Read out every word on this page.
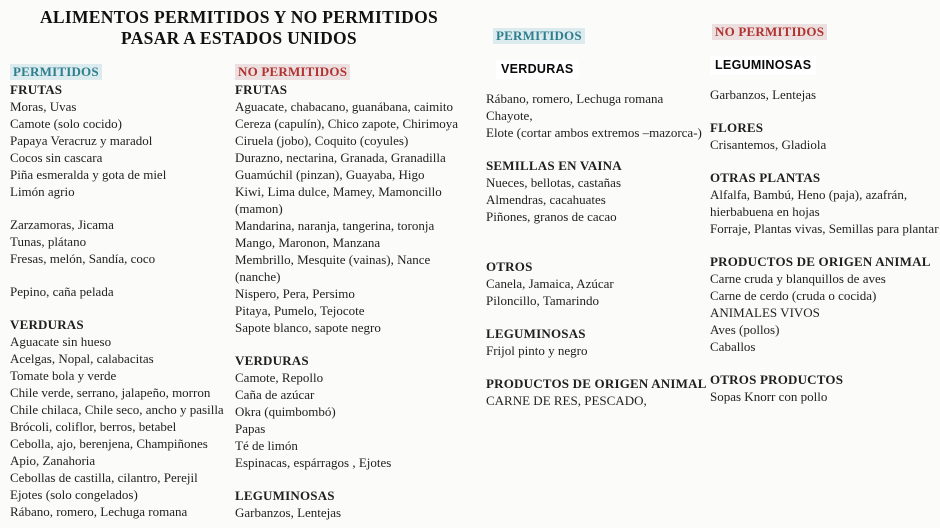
ALIMENTOS PERMITIDOS Y NO PERMITIDOS
PASAR A ESTADOS UNIDOS
PERMITIDOS
FRUTAS
Moras, Uvas
Camote (solo cocido)
Papaya Veracruz y maradol
Cocos sin cascara
Piña esmeralda y gota de miel
Limón agrio
Zarzamoras, Jicama
Tunas, plátano
Fresas, melón, Sandía, coco
Pepino, caña pelada
VERDURAS
Aguacate sin hueso
Acelgas, Nopal, calabacitas
Tomate bola y verde
Chile verde, serrano, jalapeño, morron
Chile chilaca, Chile seco, ancho y pasilla
Brócoli, coliflor, berros, betabel
Cebolla, ajo, berenjena, Champiñones
Apio, Zanahoria
Cebollas de castilla, cilantro, Perejil
Ejotes (solo congelados)
Rábano, romero, Lechuga romana
NO PERMITIDOS
FRUTAS
Aguacate, chabacano, guanábana, caimito
Cereza (capulín), Chico zapote, Chirimoya
Ciruela (jobo), Coquito (coyules)
Durazno, nectarina, Granada, Granadilla
Guamúchil (pinzan), Guayaba, Higo
Kiwi, Lima dulce, Mamey, Mamoncillo
(mamon)
Mandarina, naranja, tangerina, toronja
Mango, Maronon, Manzana
Membrillo, Mesquite (vainas), Nance
(nanche)
Nispero, Pera, Persimo
Pitaya, Pumelo, Tejocote
Sapote blanco, sapote negro
VERDURAS
Camote, Repollo
Caña de azúcar
Okra (quimbombó)
Papas
Té de limón
Espinacas, espárragos , Ejotes
LEGUMINOSAS
Garbanzos, Lentejas
PERMITIDOS
VERDURAS
Rábano, romero, Lechuga romana
Chayote,
Elote (cortar ambos extremos –mazorca-)
SEMILLAS EN VAINA
Nueces, bellotas, castañas
Almendras, cacahuates
Piñones, granos de cacao
OTROS
Canela, Jamaica, Azúcar
Piloncillo, Tamarindo
LEGUMINOSAS
Frijol pinto y negro
PRODUCTOS DE ORIGEN ANIMAL
CARNE DE RES, PESCADO,
NO PERMITIDOS
LEGUMINOSAS
Garbanzos, Lentejas
FLORES
Crisantemos, Gladiola
OTRAS PLANTAS
Alfalfa, Bambú, Heno (paja), azafrán,
hierbabuena en hojas
Forraje, Plantas vivas, Semillas para plantar
PRODUCTOS DE ORIGEN ANIMAL
Carne cruda y blanquillos de aves
Carne de cerdo (cruda o cocida)
ANIMALES VIVOS
Aves (pollos)
Caballos
OTROS PRODUCTOS
Sopas Knorr con pollo
